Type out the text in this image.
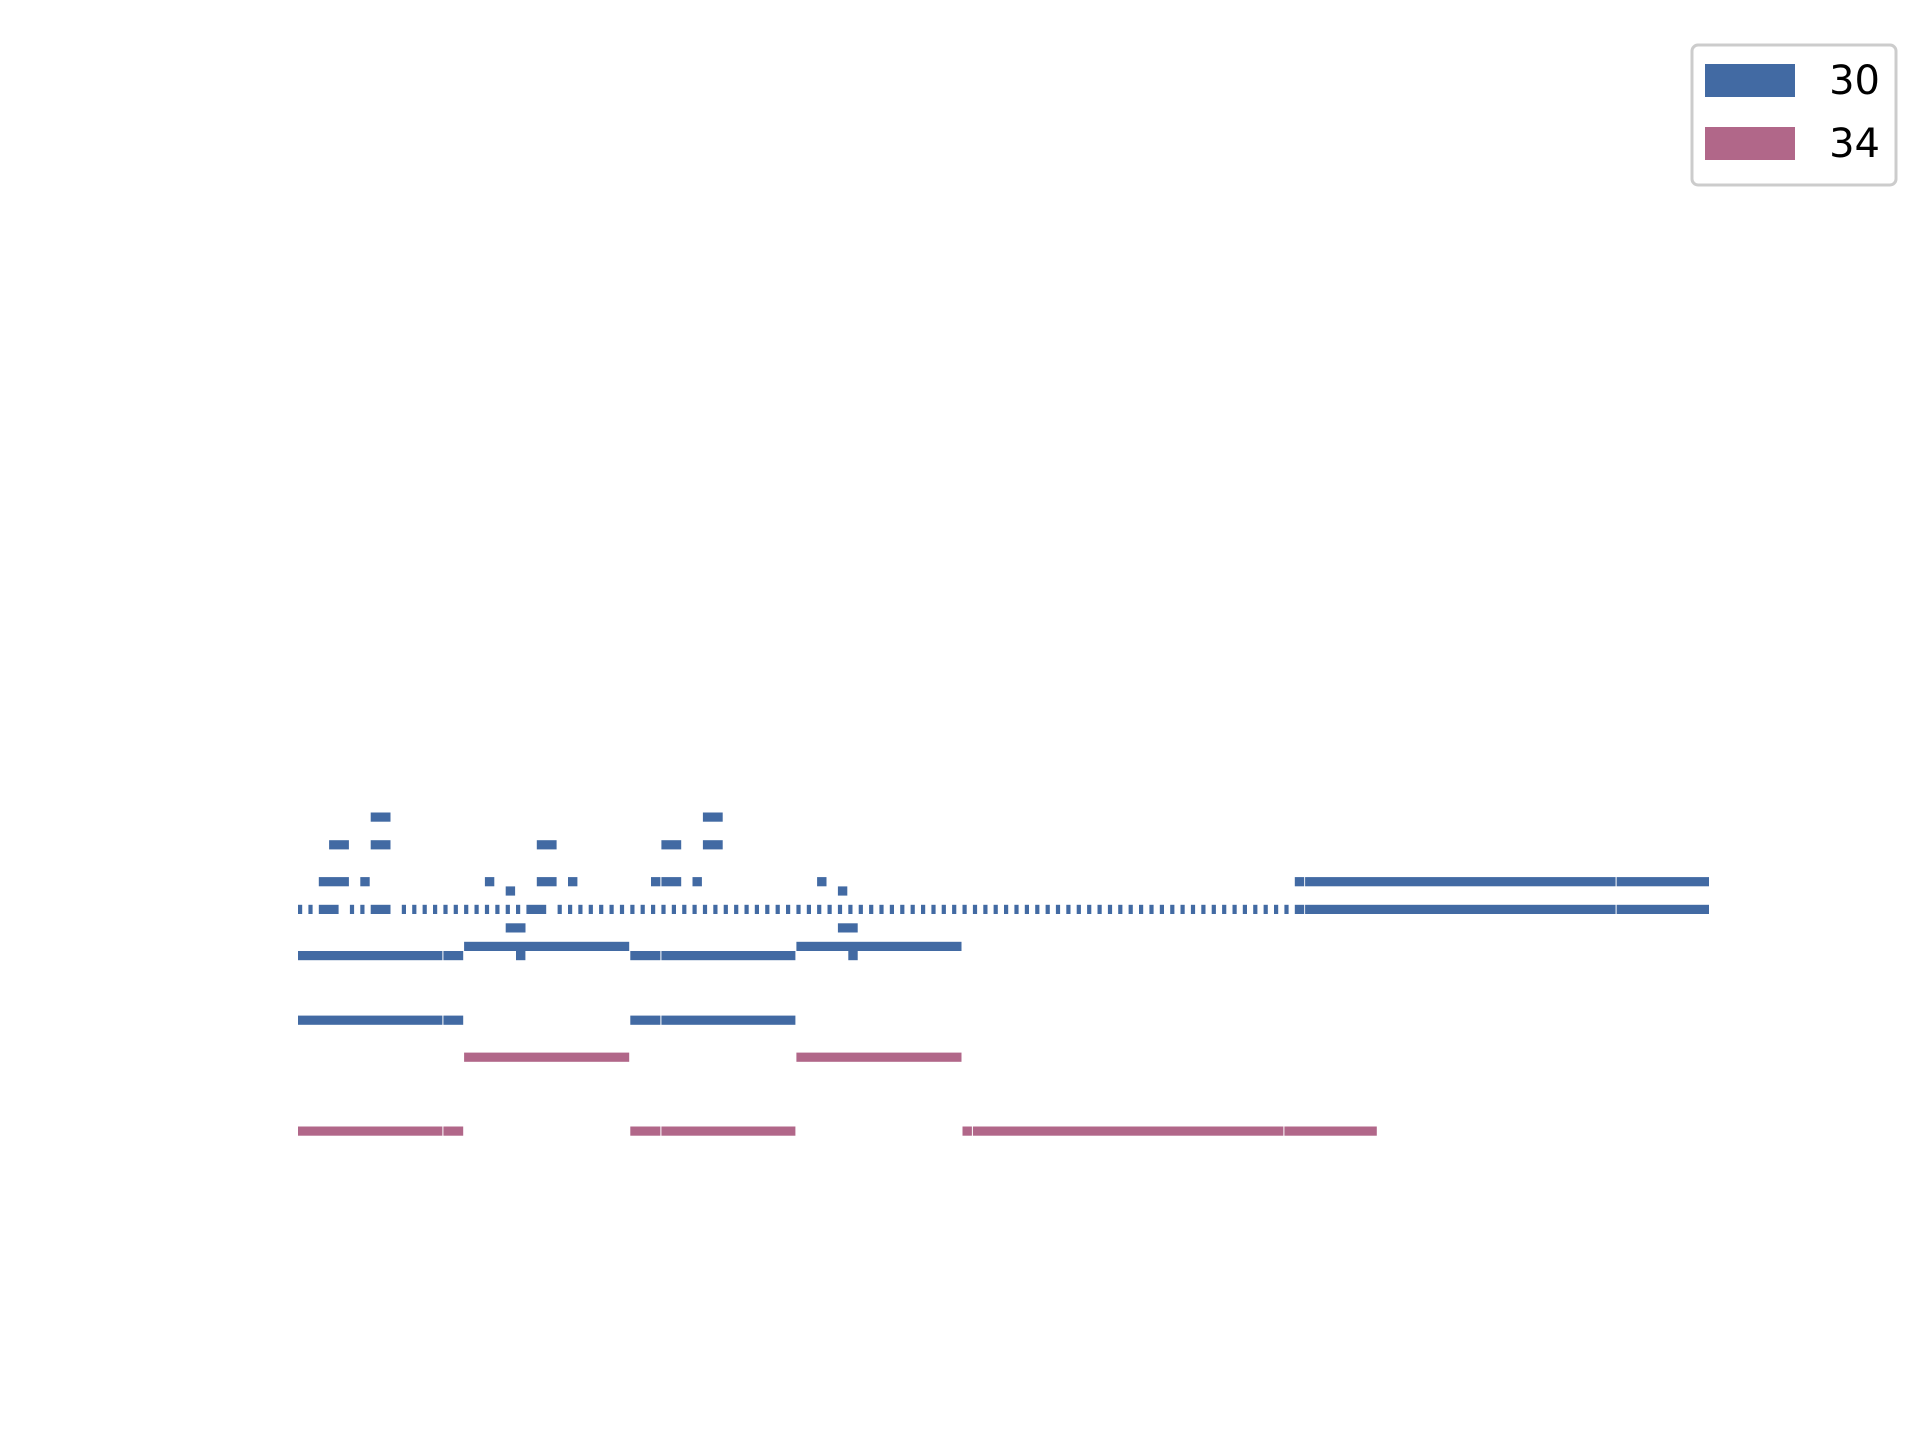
30
34
